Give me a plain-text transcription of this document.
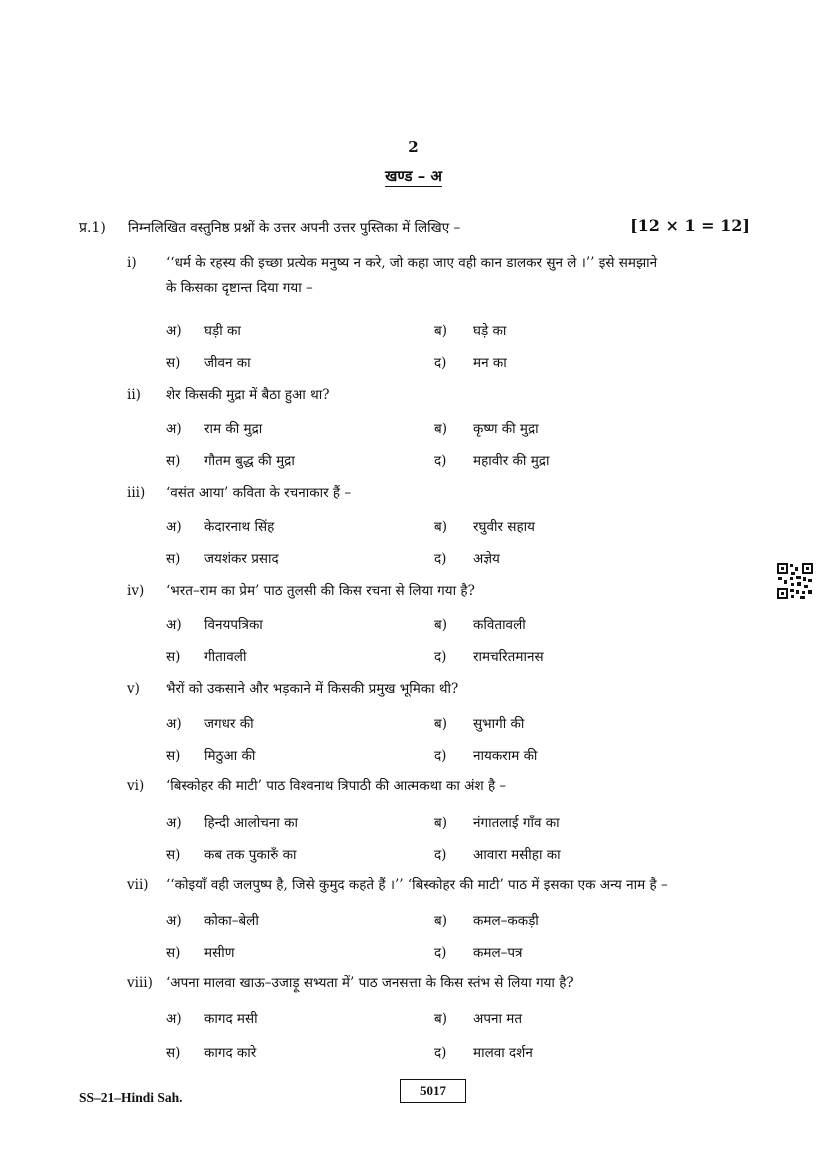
2
खण्ड – अ
प्र.1) निम्नलिखित वस्तुनिष्ठ प्रश्नों के उत्तर अपनी उत्तर पुस्तिका में लिखिए –	[12 × 1 = 12]
i) ‘‘धर्म के रहस्य की इच्छा प्रत्येक मनुष्य न करे, जो कहा जाए वही कान डालकर सुन ले ।’’ इसे समझाने
के किसका दृष्टान्त दिया गया –
अ)	घड़ी का	ब)	घड़े का
स)	जीवन का	द)	मन का
ii) शेर किसकी मुद्रा में बैठा हुआ था?
अ)	राम की मुद्रा	ब)	कृष्ण की मुद्रा
स)	गौतम बुद्ध की मुद्रा	द)	महावीर की मुद्रा
iii) ‘वसंत आया’ कविता के रचनाकार हैं –
अ)	केदारनाथ सिंह	ब)	रघुवीर सहाय
स)	जयशंकर प्रसाद	द)	अज्ञेय
iv) ‘भरत–राम का प्रेम’ पाठ तुलसी की किस रचना से लिया गया है?
अ)	विनयपत्रिका	ब)	कवितावली
स)	गीतावली	द)	रामचरितमानस
v) भैरों को उकसाने और भड़काने में किसकी प्रमुख भूमिका थी?
अ)	जगधर की	ब)	सुभागी की
स)	मिठुआ की	द)	नायकराम की
vi) ‘बिस्कोहर की माटी’ पाठ विश्वनाथ त्रिपाठी की आत्मकथा का अंश है –
अ)	हिन्दी आलोचना का	ब)	नंगातलाई गाँव का
स)	कब तक पुकारुँ का	द)	आवारा मसीहा का
vii) ‘‘कोइयाँ वही जलपुष्प है, जिसे कुमुद कहते हैं ।’’ ‘बिस्कोहर की माटी’ पाठ में इसका एक अन्य नाम है –
अ)	कोका–बेली	ब)	कमल–ककड़ी
स)	मसीण	द)	कमल–पत्र
viii) ‘अपना मालवा खाऊ–उजाड़ू सभ्यता में’ पाठ जनसत्ता के किस स्तंभ से लिया गया है?
अ)	कागद मसी	ब)	अपना मत
स)	कागद कारे	द)	मालवा दर्शन
SS–21–Hindi Sah.	5017
